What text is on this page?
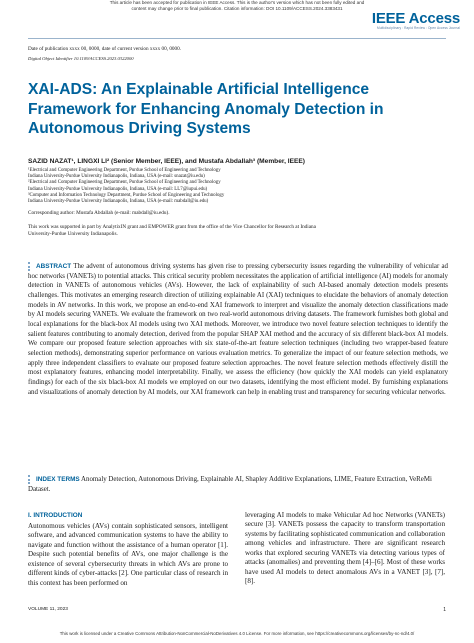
This article has been accepted for publication in IEEE Access. This is the author's version which has not been fully edited and
content may change prior to final publication. Citation information: DOI 10.1109/ACCESS.2024.3383431
IEEE Access
Multidisciplinary : Rapid Review : Open Access Journal
Date of publication xxxx 00, 0000, date of current version xxxx 00, 0000.
Digital Object Identifier 10.1109/ACCESS.2023.0322000
XAI-ADS: An Explainable Artificial Intelligence
Framework for Enhancing Anomaly Detection in
Autonomous Driving Systems
SAZID NAZAT¹, LINGXI LI² (Senior Member, IEEE), and Mustafa Abdallah³ (Member, IEEE)
¹Electrical and Computer Engineering Department, Purdue School of Engineering and Technology
Indiana University-Purdue University Indianapolis, Indiana, USA (e-mail: snazat@iu.edu)
²Electrical and Computer Engineering Department, Purdue School of Engineering and Technology
Indiana University-Purdue University Indianapolis, Indiana, USA (e-mail: LL7@iupui.edu)
³Computer and Information Technology Department, Purdue School of Engineering and Technology
Indiana University-Purdue University Indianapolis, Indiana, USA (e-mail: mabdall@iu.edu)
Corresponding author: Mustafa Abdallah (e-mail: mabdall@iu.edu).
This work was supported in part by AnalytixIN grant and EMPOWER grant from the office of the Vice Chancellor for Research at Indiana
University-Purdue University Indianapolis.
ABSTRACT The advent of autonomous driving systems has given rise to pressing cybersecurity issues regarding the vulnerability of vehicular ad hoc networks (VANETs) to potential attacks. This critical security problem necessitates the application of artificial intelligence (AI) models for anomaly detection in VANETs of autonomous vehicles (AVs). However, the lack of explainability of such AI-based anomaly detection models presents challenges. This motivates an emerging research direction of utilizing explainable AI (XAI) techniques to elucidate the behaviors of anomaly detection models in AV networks. In this work, we propose an end-to-end XAI framework to interpret and visualize the anomaly detection classifications made by AI models securing VANETs. We evaluate the framework on two real-world autonomous driving datasets. The framework furnishes both global and local explanations for the black-box AI models using two XAI methods. Moreover, we introduce two novel feature selection techniques to identify the salient features contributing to anomaly detection, derived from the popular SHAP XAI method and the accuracy of six different black-box AI models. We compare our proposed feature selection approaches with six state-of-the-art feature selection techniques (including two wrapper-based feature selection methods), demonstrating superior performance on various evaluation metrics. To generalize the impact of our feature selection methods, we apply three independent classifiers to evaluate our proposed feature selection approaches. The novel feature selection methods effectively distill the most explanatory features, enhancing model interpretability. Finally, we assess the efficiency (how quickly the XAI models can yield explanatory findings) for each of the six black-box AI models we employed on our two datasets, identifying the most efficient model. By furnishing explanations and visualizations of anomaly detection by AI models, our XAI framework can help in enabling trust and transparency for securing vehicular networks.
INDEX TERMS Anomaly Detection, Autonomous Driving, Explainable AI, Shapley Additive Explanations, LIME, Feature Extraction, VeReMi Dataset.
I. INTRODUCTION
Autonomous vehicles (AVs) contain sophisticated sensors, intelligent software, and advanced communication systems to have the ability to navigate and function without the assistance of a human operator [1]. Despite such potential benefits of AVs, one major challenge is the existence of several cybersecurity threats in which AVs are prone to different kinds of cyber-attacks [2]. One particular class of research in this context has been performed on
leveraging AI models to make Vehicular Ad hoc Networks (VANETs) secure [3]. VANETs possess the capacity to transform transportation systems by facilitating sophisticated communication and collaboration among vehicles and infrastructure. There are significant research works that explored securing VANETs via detecting various types of attacks (anomalies) and preventing them [4]–[6]. Most of these works have used AI models to detect anomalous AVs in a VANET [3], [7], [8].
VOLUME 11, 2023	1
This work is licensed under a Creative Commons Attribution-NonCommercial-NoDerivatives 4.0 License. For more information, see https://creativecommons.org/licenses/by-nc-nd/4.0/
